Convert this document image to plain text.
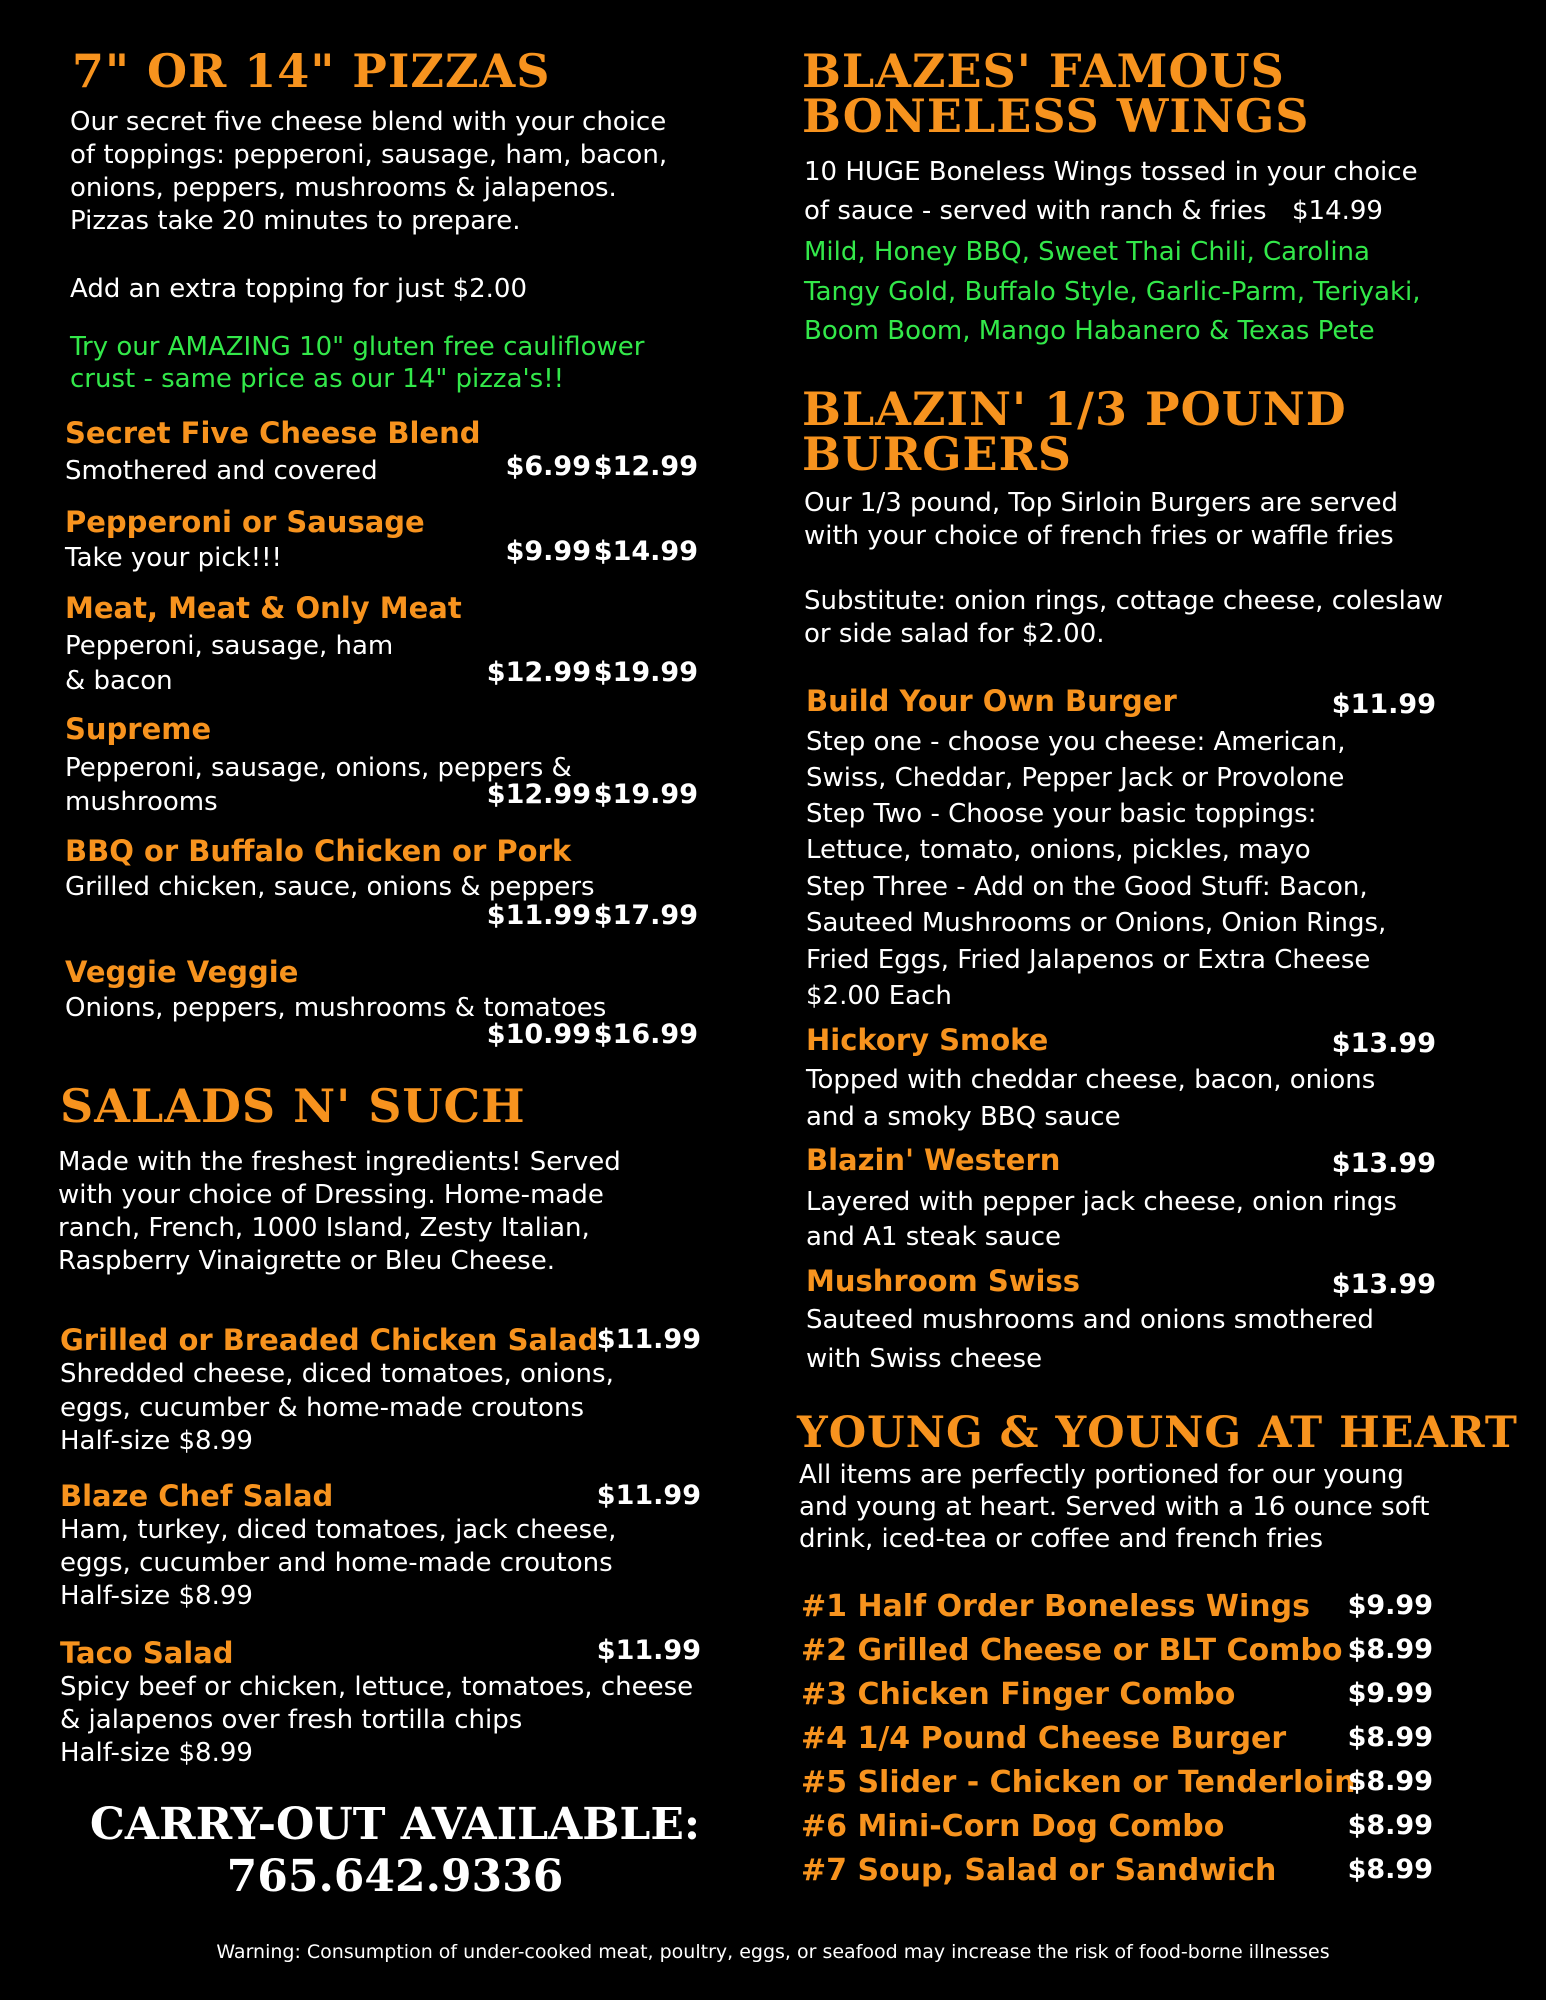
7" OR 14" PIZZAS
Our secret five cheese blend with your choice
of toppings: pepperoni, sausage, ham, bacon,
onions, peppers, mushrooms & jalapenos.
Pizzas take 20 minutes to prepare.
Add an extra topping for just $2.00
Try our AMAZING 10" gluten free cauliflower
crust - same price as our 14" pizza's!!
Secret Five Cheese Blend
Smothered and covered	$6.99 $12.99
Pepperoni or Sausage
Take your pick!!!	$9.99 $14.99
Meat, Meat & Only Meat
Pepperoni, sausage, ham
& bacon	$12.99 $19.99
Supreme
Pepperoni, sausage, onions, peppers &
mushrooms	$12.99 $19.99
BBQ or Buffalo Chicken or Pork
Grilled chicken, sauce, onions & peppers
$11.99 $17.99
Veggie Veggie
Onions, peppers, mushrooms & tomatoes
$10.99 $16.99
SALADS N' SUCH
Made with the freshest ingredients! Served
with your choice of Dressing. Home-made
ranch, French, 1000 Island, Zesty Italian,
Raspberry Vinaigrette or Bleu Cheese.
Grilled or Breaded Chicken Salad
$11.99
Shredded cheese, diced tomatoes, onions,
eggs, cucumber & home-made croutons
Half-size $8.99
Blaze Chef Salad	$11.99
Ham, turkey, diced tomatoes, jack cheese,
eggs, cucumber and home-made croutons
Half-size $8.99
Taco Salad	$11.99
Spicy beef or chicken, lettuce, tomatoes, cheese
& jalapenos over fresh tortilla chips
Half-size $8.99
CARRY-OUT AVAILABLE:
765.642.9336
BLAZES' FAMOUS
BONELESS WINGS
10 HUGE Boneless Wings tossed in your choice
of sauce - served with ranch & fries $14.99
Mild, Honey BBQ, Sweet Thai Chili, Carolina
Tangy Gold, Buffalo Style, Garlic-Parm, Teriyaki,
Boom Boom, Mango Habanero & Texas Pete
BLAZIN' 1/3 POUND
BURGERS
Our 1/3 pound, Top Sirloin Burgers are served
with your choice of french fries or waffle fries
Substitute: onion rings, cottage cheese, coleslaw
or side salad for $2.00.
Build Your Own Burger	$11.99
Step one - choose you cheese: American,
Swiss, Cheddar, Pepper Jack or Provolone
Step Two - Choose your basic toppings:
Lettuce, tomato, onions, pickles, mayo
Step Three - Add on the Good Stuff: Bacon,
Sauteed Mushrooms or Onions, Onion Rings,
Fried Eggs, Fried Jalapenos or Extra Cheese
$2.00 Each
Hickory Smoke	$13.99
Topped with cheddar cheese, bacon, onions
and a smoky BBQ sauce
Blazin' Western	$13.99
Layered with pepper jack cheese, onion rings
and A1 steak sauce
Mushroom Swiss	$13.99
Sauteed mushrooms and onions smothered
with Swiss cheese
YOUNG & YOUNG AT HEART
All items are perfectly portioned for our young
and young at heart. Served with a 16 ounce soft
drink, iced-tea or coffee and french fries
#1 Half Order Boneless Wings $9.99
#2 Grilled Cheese or BLT Combo $8.99
#3 Chicken Finger Combo	$9.99
#4 1/4 Pound Cheese Burger $8.99
#5 Slider - Chicken or Tenderloin
$8.99
#6 Mini-Corn Dog Combo	$8.99
#7 Soup, Salad or Sandwich	$8.99
Warning: Consumption of under-cooked meat, poultry, eggs, or seafood may increase the risk of food-borne illnesses
